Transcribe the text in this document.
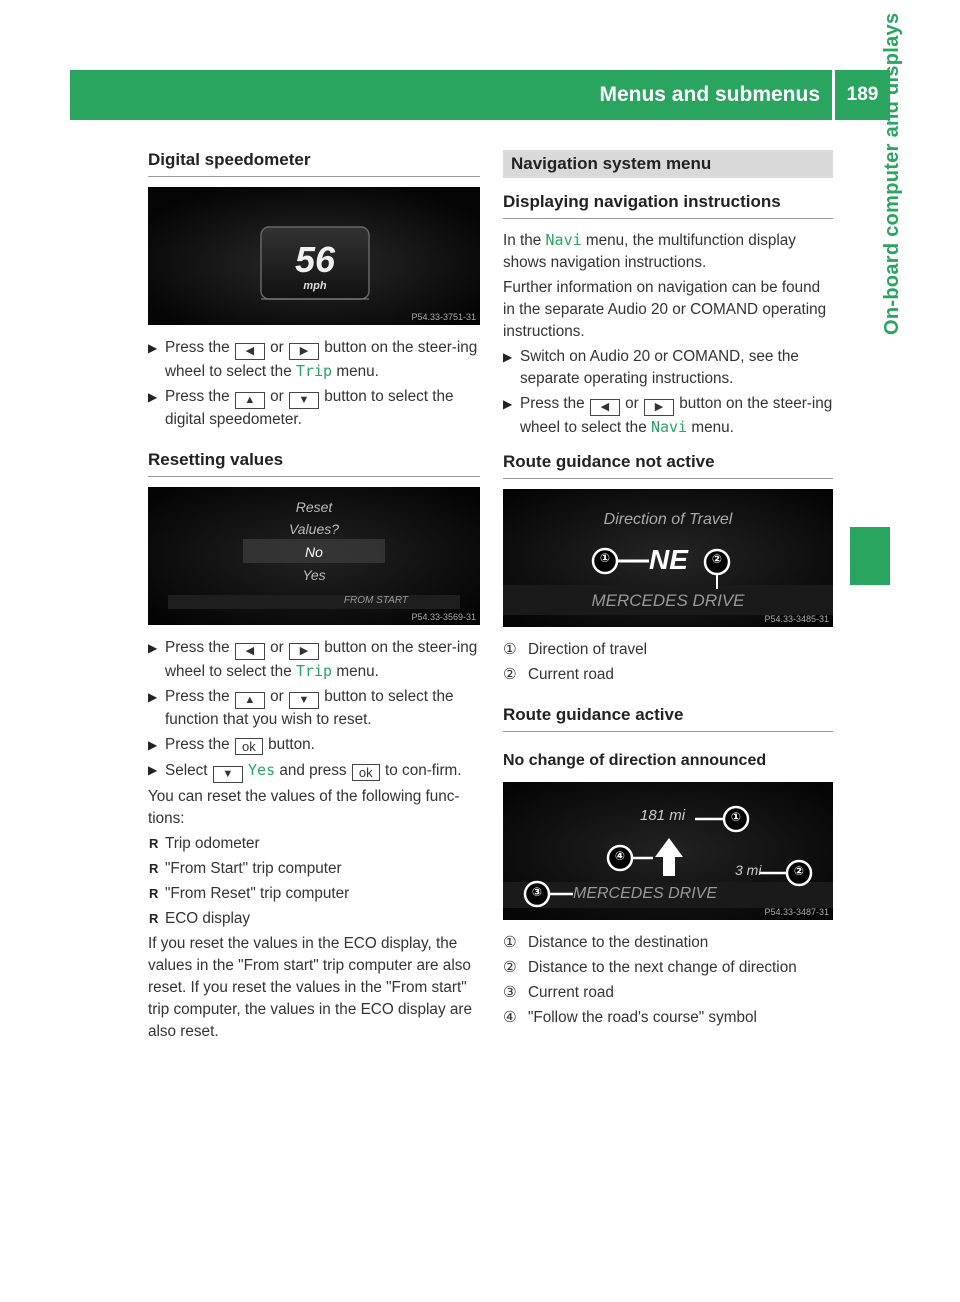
Menus and submenus	189 On-board computer and displays
Digital speedometer
56
mph
P54.33-3751-31
▶ Press the ◀ or ▶ button on the steer-ing wheel to select the Trip menu.
▶ Press the ▲ or ▼ button to select the digital speedometer.
Resetting values
Reset
Values?
No
Yes
FROM START
P54.33-3569-31
▶ Press the ◀ or ▶ button on the steer-ing wheel to select the Trip menu.
▶ Press the ▲ or ▼ button to select the function that you wish to reset.
▶ Press the ok button.
▶ Select ▼ Yes and press ok to con-firm.

You can reset the values of the following func-tions:

R Trip odometer
R "From Start" trip computer
R "From Reset" trip computer
R ECO display

If you reset the values in the ECO display, the values in the "From start" trip computer are also reset. If you reset the values in the "From start" trip computer, the values in the ECO display are also reset.

Navigation system menu
Displaying navigation instructions

In the Navi menu, the multifunction display shows navigation instructions.

Further information on navigation can be found in the separate Audio 20 or COMAND operating instructions.

▶ Switch on Audio 20 or COMAND, see the separate operating instructions.
▶ Press the ◀ or ▶ button on the steer-ing wheel to select the Navi menu.
Route guidance not active
Direction of Travel
NE
①	②
MERCEDES DRIVE
P54.33-3485-31
① Direction of travel
② Current road
Route guidance active
No change of direction announced
181 mi
3 mi
MERCEDES DRIVE
①
②
③
④
P54.33-3487-31
① Distance to the destination
② Distance to the next change of direction
③ Current road
④ "Follow the road's course" symbol
